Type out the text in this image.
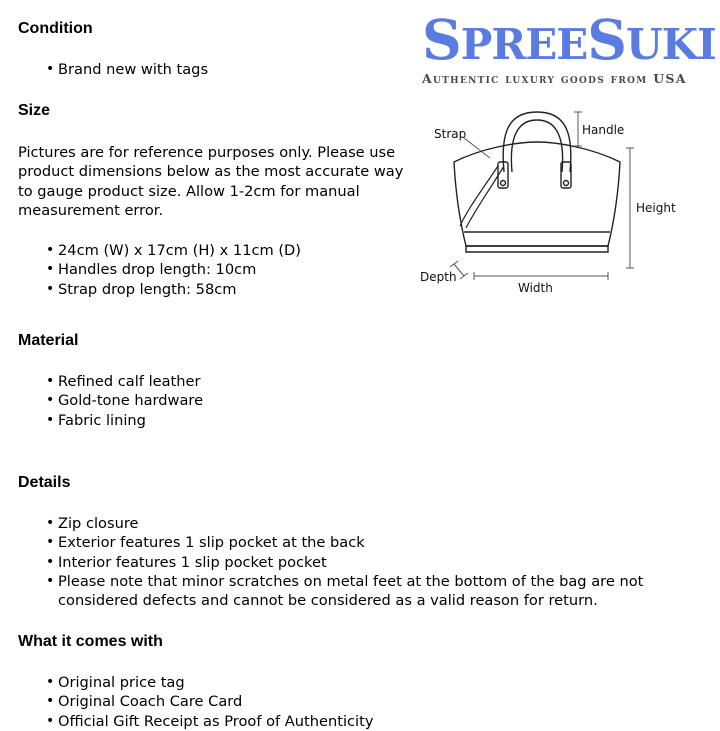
SPREESUKI
Authentic luxury goods from USA
Strap	Handle
Height
Depth
Width
Condition
• Brand new with tags
Size

Pictures are for reference purposes only. Please use product dimensions below as the most accurate way to gauge product size. Allow 1-2cm for manual measurement error.

• 24cm (W) x 17cm (H) x 11cm (D)
• Handles drop length: 10cm
• Strap drop length: 58cm
Material
• Refined calf leather
• Gold-tone hardware
• Fabric lining
Details
• Zip closure
• Exterior features 1 slip pocket at the back
• Interior features 1 slip pocket pocket
• Please note that minor scratches on metal feet at the bottom of the bag are not considered defects and cannot be considered as a valid reason for return.
What it comes with
• Original price tag
• Original Coach Care Card
• Official Gift Receipt as Proof of Authenticity
